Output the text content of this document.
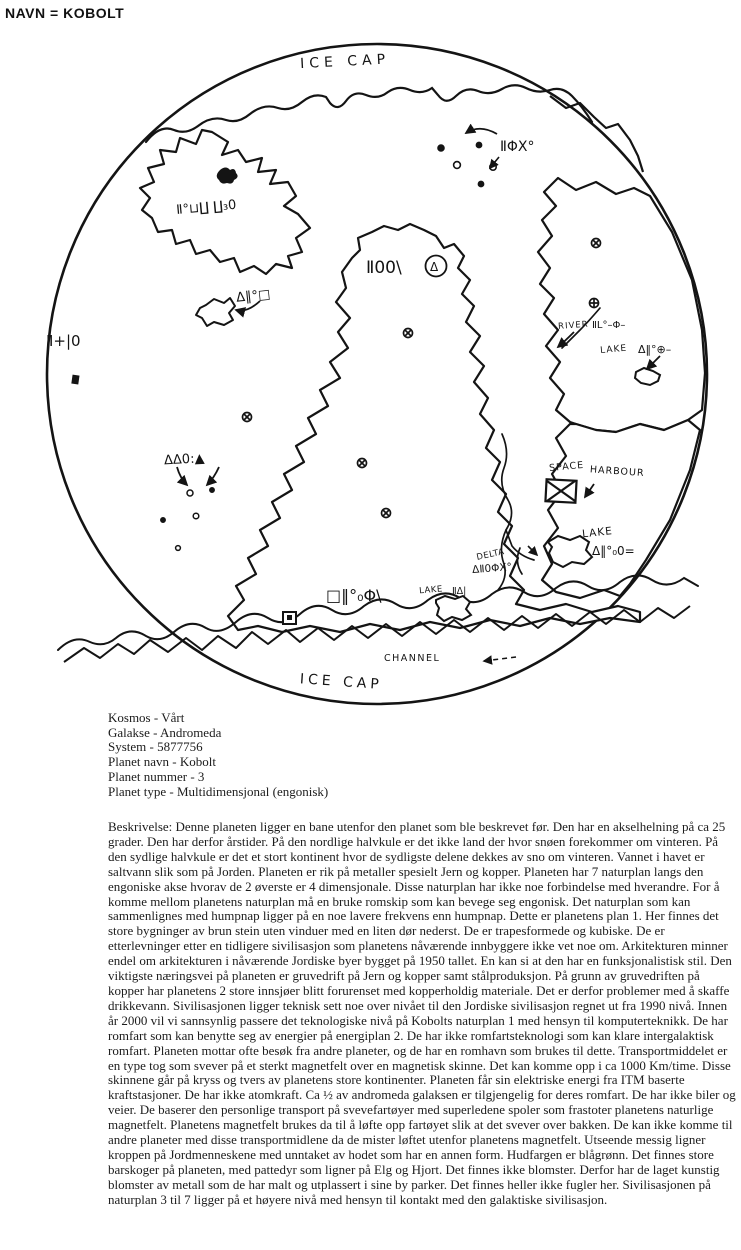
NAVN = KOBOLT
ICE CAP
ICE CAP
CHANNEL
SPACE HARBOUR
LAKE
Δ‖°₀0=
RIVER ⅡL°–Φ–
LAKE Δ‖°⊕–
DELTA
ΔⅡ0ΦX°
LAKE ⅡΔ|
□‖°₀Φ\
Ⅱ00\ Δ
Ⅱ°⊔∐ ∐₃0
Δ‖°□
Ⅱ+|0
ⅡΦX°
ΔΔ0:▲
Kosmos - Vårt
Galakse - Andromeda
System - 5877756
Planet navn - Kobolt
Planet nummer - 3
Planet type - Multidimensjonal (engonisk)
Beskrivelse: Denne planeten ligger en bane utenfor den planet som ble beskrevet før. Den har en akselhelning på ca 25 grader. Den har derfor årstider. På den nordlige halvkule er det ikke land der hvor snøen forekommer om vinteren. På den sydlige halvkule er det et stort kontinent hvor de sydligste delene dekkes av sno om vinteren. Vannet i havet er saltvann slik som på Jorden. Planeten er rik på metaller spesielt Jern og kopper. Planeten har 7 naturplan langs den engoniske akse hvorav de 2 øverste er 4 dimensjonale. Disse naturplan har ikke noe forbindelse med hverandre. For å komme mellom planetens naturplan må en bruke romskip som kan bevege seg engonisk. Det naturplan som kan sammenlignes med humpnap ligger på en noe lavere frekvens enn humpnap. Dette er planetens plan 1. Her finnes det store bygninger av brun stein uten vinduer med en liten dør nederst. De er trapesformede og kubiske. De er etterlevninger etter en tidligere sivilisasjon som planetens nåværende innbyggere ikke vet noe om. Arkitekturen minner endel om arkitekturen i nåværende Jordiske byer bygget på 1950 tallet. En kan si at den har en funksjonalistisk stil. Den viktigste næringsvei på planeten er gruvedrift på Jern og kopper samt stålproduksjon. På grunn av gruvedriften på kopper har planetens 2 store innsjøer blitt forurenset med kopperholdig materiale. Det er derfor problemer med å skaffe drikkevann. Sivilisasjonen ligger teknisk sett noe over nivået til den Jordiske sivilisasjon regnet ut fra 1990 nivå. Innen år 2000 vil vi sannsynlig passere det teknologiske nivå på Kobolts naturplan 1 med hensyn til komputerteknikk. De har romfart som kan benytte seg av energier på energiplan 2. De har ikke romfartsteknologi som kan klare intergalaktisk romfart. Planeten mottar ofte besøk fra andre planeter, og de har en romhavn som brukes til dette. Transportmiddelet er en type tog som svever på et sterkt magnetfelt over en magnetisk skinne. Det kan komme opp i ca 1000 Km/time. Disse skinnene går på kryss og tvers av planetens store kontinenter. Planeten får sin elektriske energi fra ITM baserte kraftstasjoner. De har ikke atomkraft. Ca ½ av andromeda galaksen er tilgjengelig for deres romfart. De har ikke biler og veier. De baserer den personlige transport på svevefartøyer med superledene spoler som frastoter planetens naturlige magnetfelt. Planetens magnetfelt brukes da til å løfte opp fartøyet slik at det svever over bakken. De kan ikke komme til andre planeter med disse transportmidlene da de mister løftet utenfor planetens magnetfelt. Utseende messig ligner kroppen på Jordmenneskene med unntaket av hodet som har en annen form. Hudfargen er blågrønn. Det finnes store barskoger på planeten, med pattedyr som ligner på Elg og Hjort. Det finnes ikke blomster. Derfor har de laget kunstig blomster av metall som de har malt og utplassert i sine by parker. Det finnes heller ikke fugler her. Sivilisasjonen på naturplan 3 til 7 ligger på et høyere nivå med hensyn til kontakt med den galaktiske sivilisasjon.
